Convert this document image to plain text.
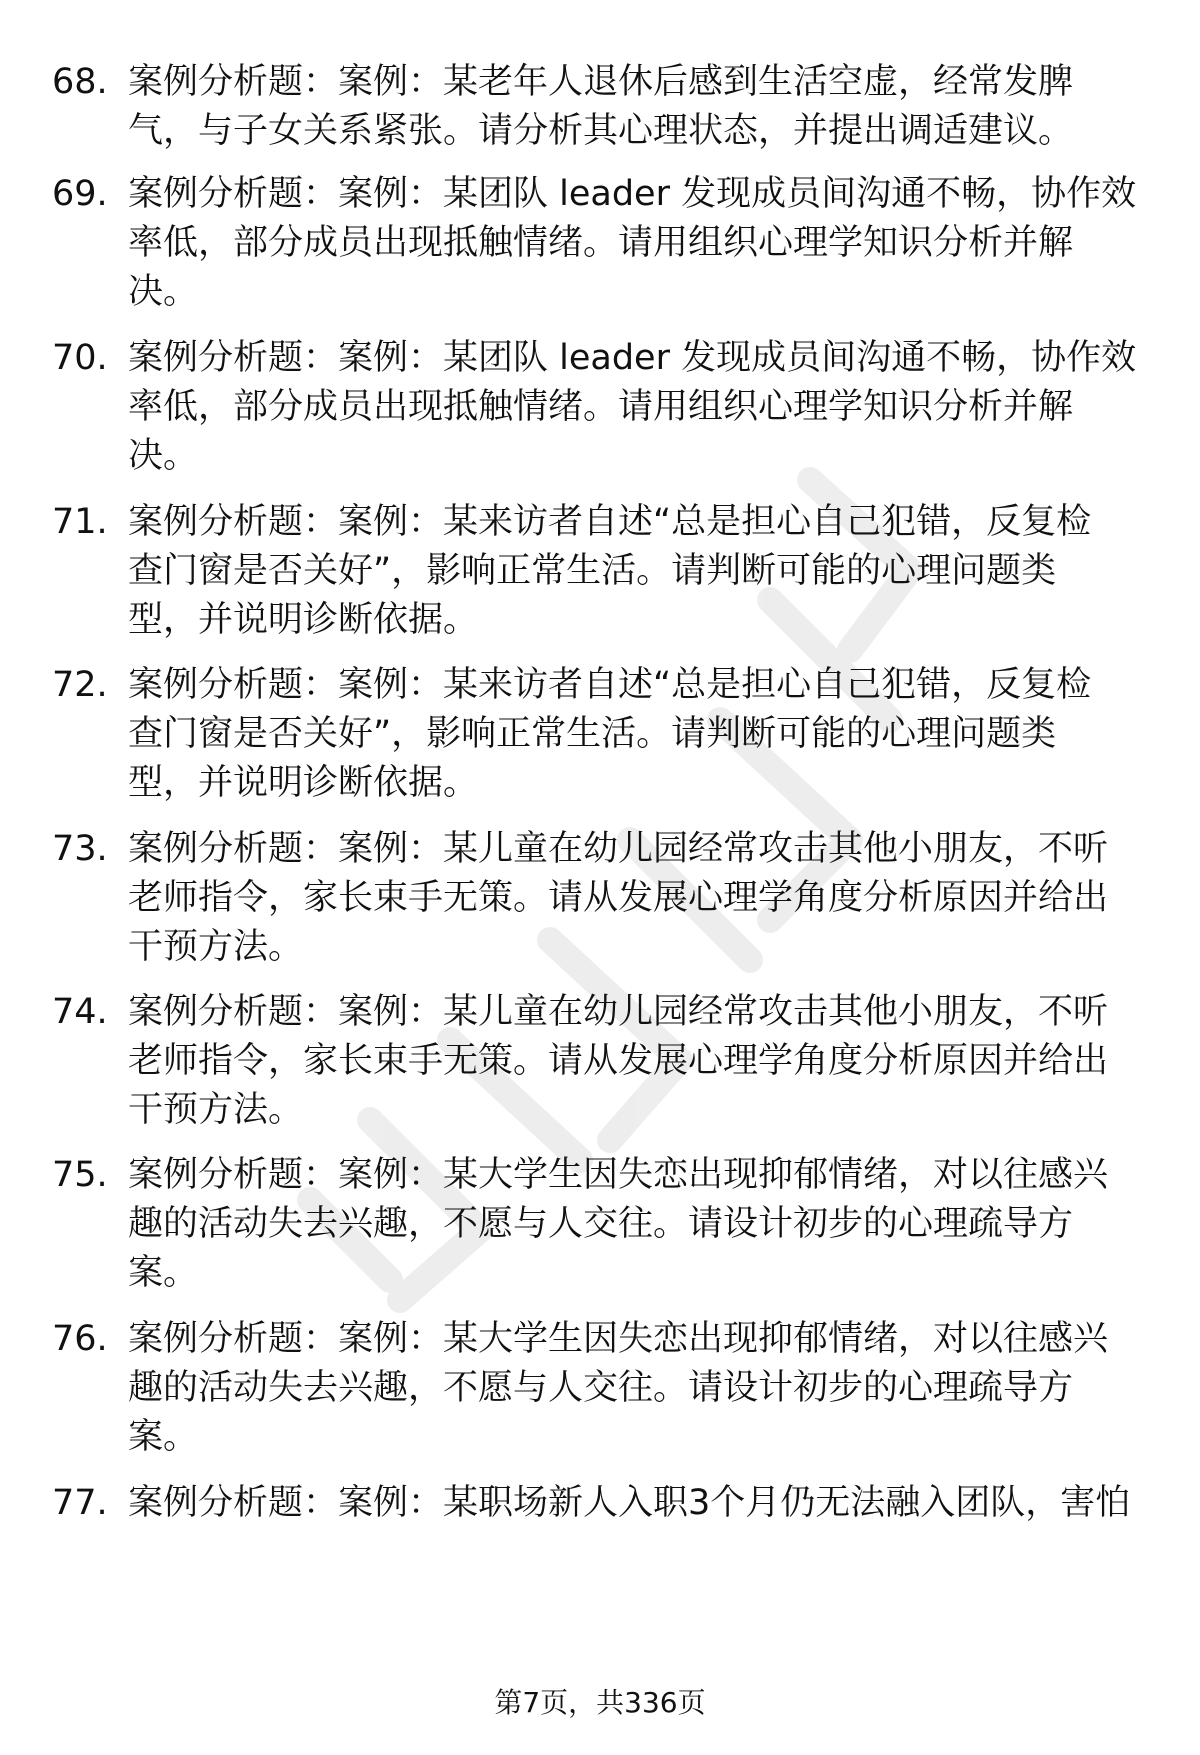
68. 案例分析题：案例：某老年人退休后感到生活空虚，经常发脾
气，与子女关系紧张。请分析其心理状态，并提出调适建议。
69. 案例分析题：案例：某团队 leader 发现成员间沟通不畅，协作效
率低，部分成员出现抵触情绪。请用组织心理学知识分析并解
决。
70. 案例分析题：案例：某团队 leader 发现成员间沟通不畅，协作效
率低，部分成员出现抵触情绪。请用组织心理学知识分析并解
决。
71. 案例分析题：案例：某来访者自述“总是担心自己犯错，反复检
查门窗是否关好”，影响正常生活。请判断可能的心理问题类
型，并说明诊断依据。
72. 案例分析题：案例：某来访者自述“总是担心自己犯错，反复检
查门窗是否关好”，影响正常生活。请判断可能的心理问题类
型，并说明诊断依据。
73. 案例分析题：案例：某儿童在幼儿园经常攻击其他小朋友，不听
老师指令，家长束手无策。请从发展心理学角度分析原因并给出
干预方法。
74. 案例分析题：案例：某儿童在幼儿园经常攻击其他小朋友，不听
老师指令，家长束手无策。请从发展心理学角度分析原因并给出
干预方法。
75. 案例分析题：案例：某大学生因失恋出现抑郁情绪，对以往感兴
趣的活动失去兴趣，不愿与人交往。请设计初步的心理疏导方
案。
76. 案例分析题：案例：某大学生因失恋出现抑郁情绪，对以往感兴
趣的活动失去兴趣，不愿与人交往。请设计初步的心理疏导方
案。
77. 案例分析题：案例：某职场新人入职3个月仍无法融入团队，害怕
第7页，共336页
